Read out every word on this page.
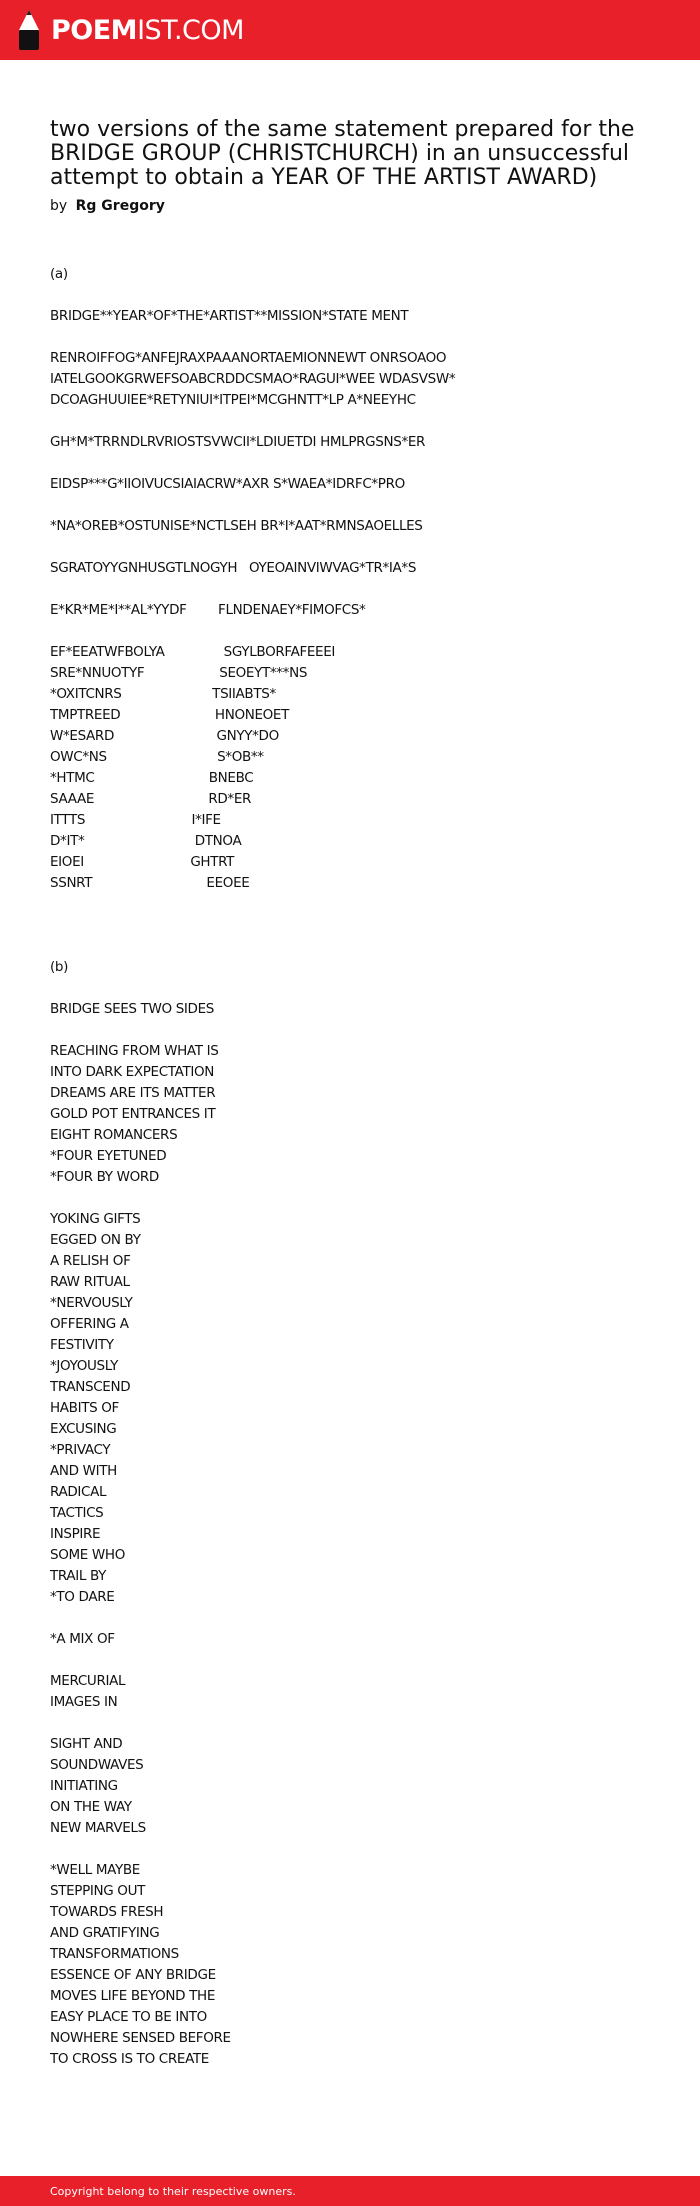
POEMIST.COM
two versions of the same statement prepared for the BRIDGE GROUP (CHRISTCHURCH) in an unsuccessful attempt to obtain a YEAR OF THE ARTIST AWARD)
by Rg Gregory
(a)

BRIDGE**YEAR*OF*THE*ARTIST**MISSION*STATE MENT

RENROIFFOG*ANFEJRAXPAAANORTAEMIONNEWT ONRSOAOO
IATELGOOKGRWEFSOABCRDDCSMAO*RAGUI*WEE WDASVSW*
DCOAGHUUIEE*RETYNIUI*ITPEI*MCGHNTT*LP A*NEEYHC

GH*M*TRRNDLRVRIOSTSVWCII*LDIUETDI HMLPRGSNS*ER

EIDSP***G*IIOIVUCSIAIACRW*AXR S*WAEA*IDRFC*PRO

*NA*OREB*OSTUNISE*NCTLSEH BR*I*AAT*RMNSAOELLES

SGRATOYYGNHUSGTLNOGYH   OYEOAINVIWVAG*TR*IA*S

E*KR*ME*I**AL*YYDF        FLNDENAEY*FIMOFCS*

EF*EEATWFBOLYA               SGYLBORFAFEEEI
SRE*NNUOTYF                   SEOEYT***NS
*OXITCNRS                       TSIIABTS*
TMPTREED                        HNONEOET
W*ESARD                          GNYY*DO
OWC*NS                            S*OB**
*HTMC                             BNEBC
SAAAE                             RD*ER
ITTTS                           I*IFE
D*IT*                            DTNOA
EIOEI                           GHTRT
SSNRT                             EEOEE

(b)

BRIDGE SEES TWO SIDES

REACHING FROM WHAT IS
INTO DARK EXPECTATION
DREAMS ARE ITS MATTER
GOLD POT ENTRANCES IT
EIGHT ROMANCERS
*FOUR EYETUNED
*FOUR BY WORD

YOKING GIFTS
EGGED ON BY
A RELISH OF
RAW RITUAL
*NERVOUSLY
OFFERING A
FESTIVITY
*JOYOUSLY
TRANSCEND
HABITS OF
EXCUSING
*PRIVACY
AND WITH
RADICAL
TACTICS
INSPIRE
SOME WHO
TRAIL BY
*TO DARE

*A MIX OF

MERCURIAL
IMAGES IN

SIGHT AND
SOUNDWAVES
INITIATING
ON THE WAY
NEW MARVELS

*WELL MAYBE
STEPPING OUT
TOWARDS FRESH
AND GRATIFYING
TRANSFORMATIONS
ESSENCE OF ANY BRIDGE
MOVES LIFE BEYOND THE
EASY PLACE TO BE INTO
NOWHERE SENSED BEFORE
TO CROSS IS TO CREATE
Copyright belong to their respective owners.
